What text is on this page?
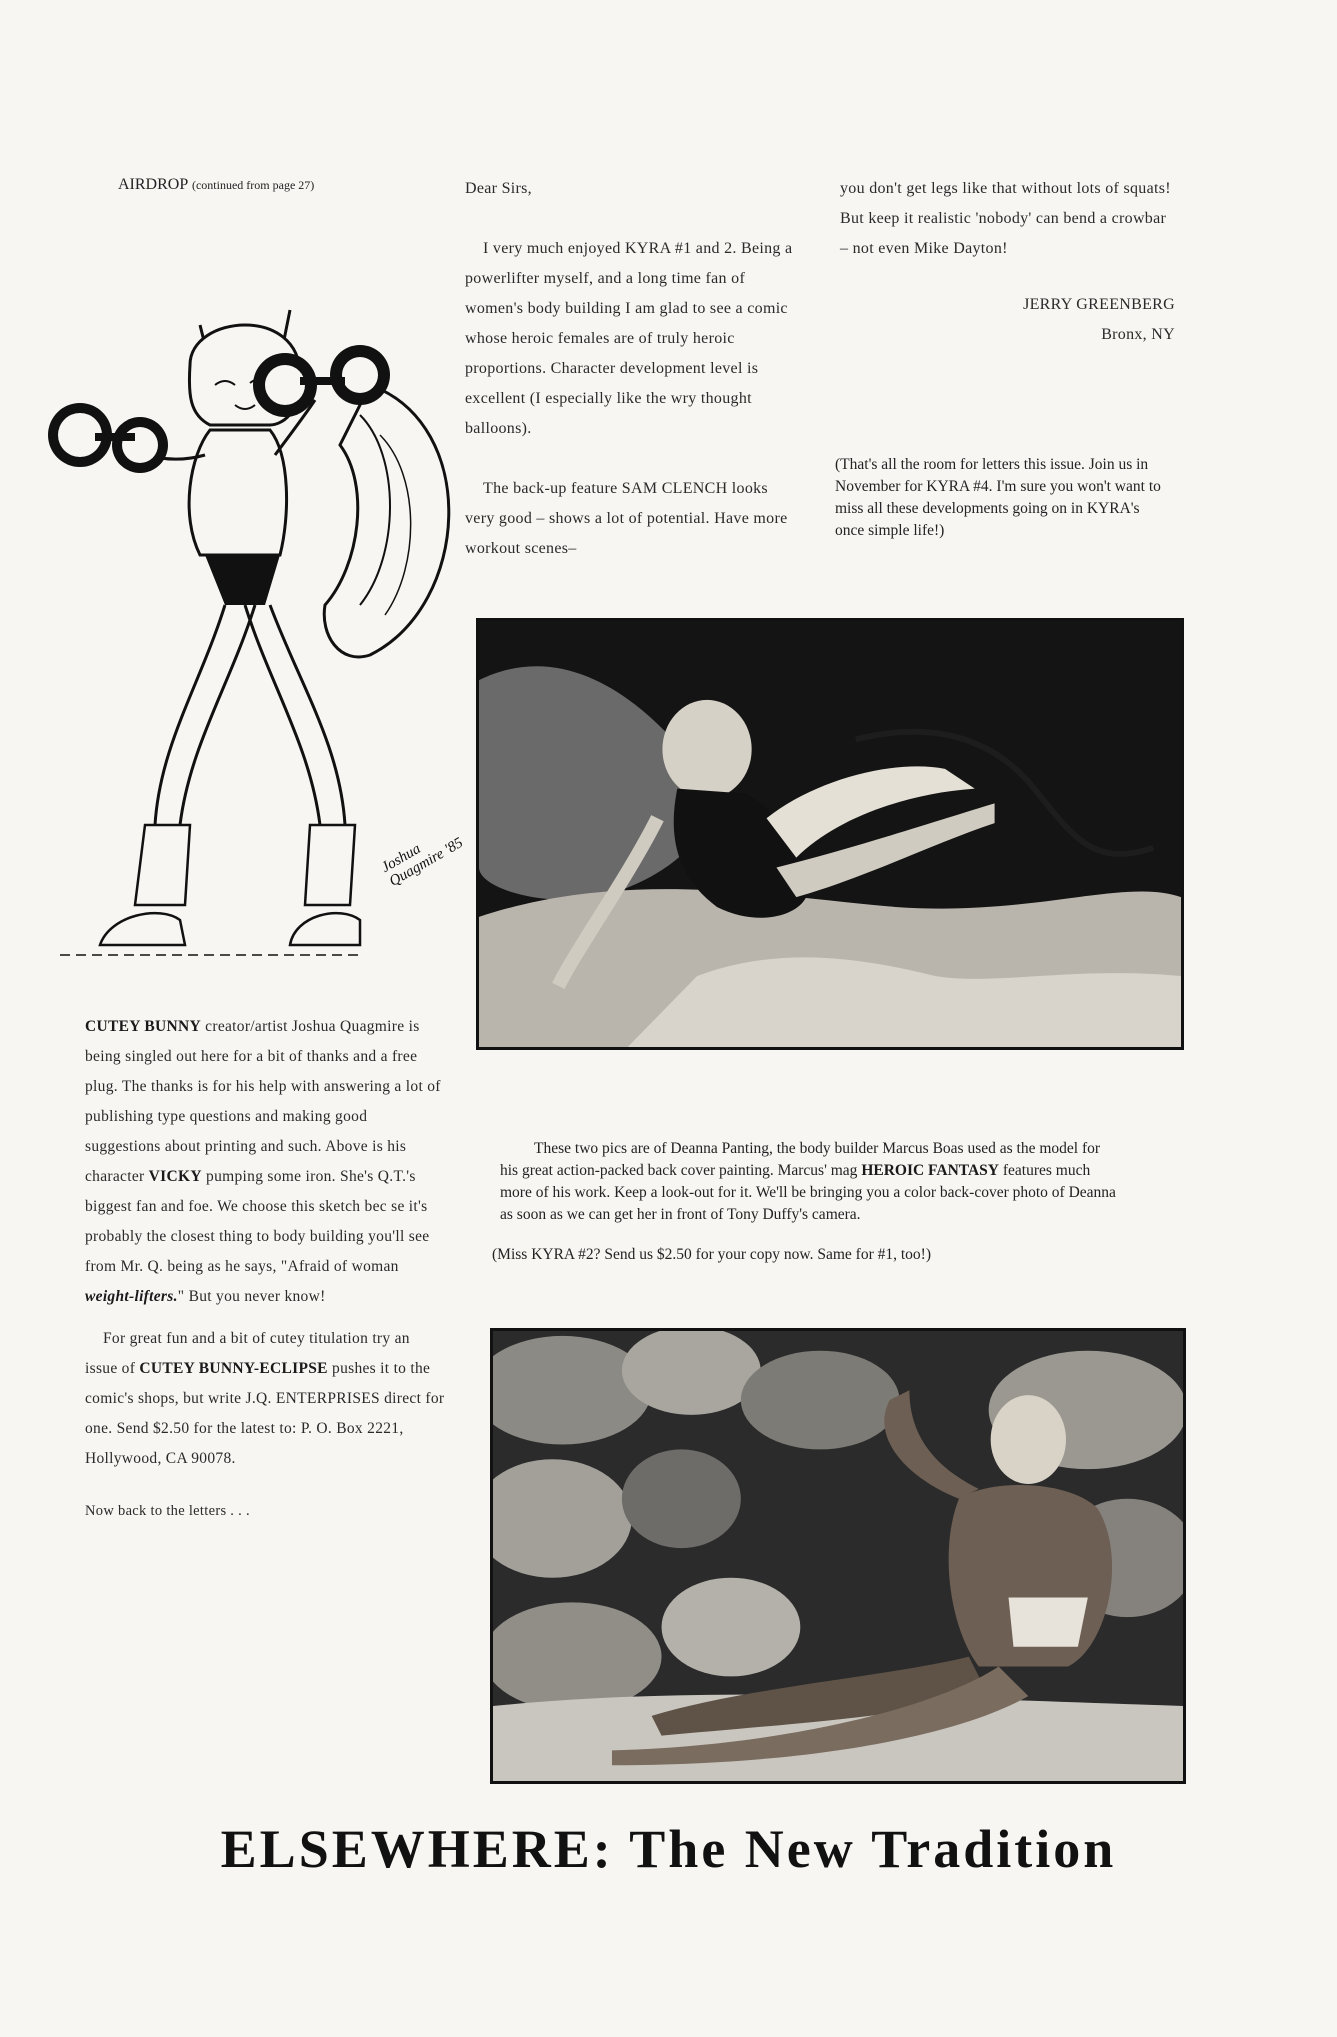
AIRDROP (continued from page 27)
Joshua Quagmire '85

Dear Sirs,

I very much enjoyed KYRA #1 and 2. Being a powerlifter myself, and a long time fan of women's body building I am glad to see a comic whose heroic females are of truly heroic proportions. Character development level is excellent (I especially like the wry thought balloons).

The back-up feature SAM CLENCH looks very good – shows a lot of potential. Have more workout scenes–

you don't get legs like that without lots of squats! But keep it realistic 'nobody' can bend a crowbar – not even Mike Dayton!

JERRY GREENBERG

Bronx, NY

(That's all the room for letters this issue. Join us in November for KYRA #4. I'm sure you won't want to miss all these developments going on in KYRA's once simple life!)

CUTEY BUNNY creator/artist Joshua Quagmire is being singled out here for a bit of thanks and a free plug. The thanks is for his help with answering a lot of publishing type questions and making good suggestions about printing and such. Above is his character VICKY pumping some iron. She's Q.T.'s biggest fan and foe. We choose this sketch bec se it's probably the closest thing to body building you'll see from Mr. Q. being as he says, "Afraid of woman weight-lifters." But you never know!

For great fun and a bit of cutey titulation try an issue of CUTEY BUNNY-ECLIPSE pushes it to the comic's shops, but write J.Q. ENTERPRISES direct for one. Send $2.50 for the latest to: P. O. Box 2221, Hollywood, CA 90078.

Now back to the letters . . .

These two pics are of Deanna Panting, the body builder Marcus Boas used as the model for his great action-packed back cover painting. Marcus' mag HEROIC FANTASY features much more of his work. Keep a look-out for it. We'll be bringing you a color back-cover photo of Deanna as soon as we can get her in front of Tony Duffy's camera.

(Miss KYRA #2? Send us $2.50 for your copy now. Same for #1, too!)

ELSEWHERE: The New Tradition
